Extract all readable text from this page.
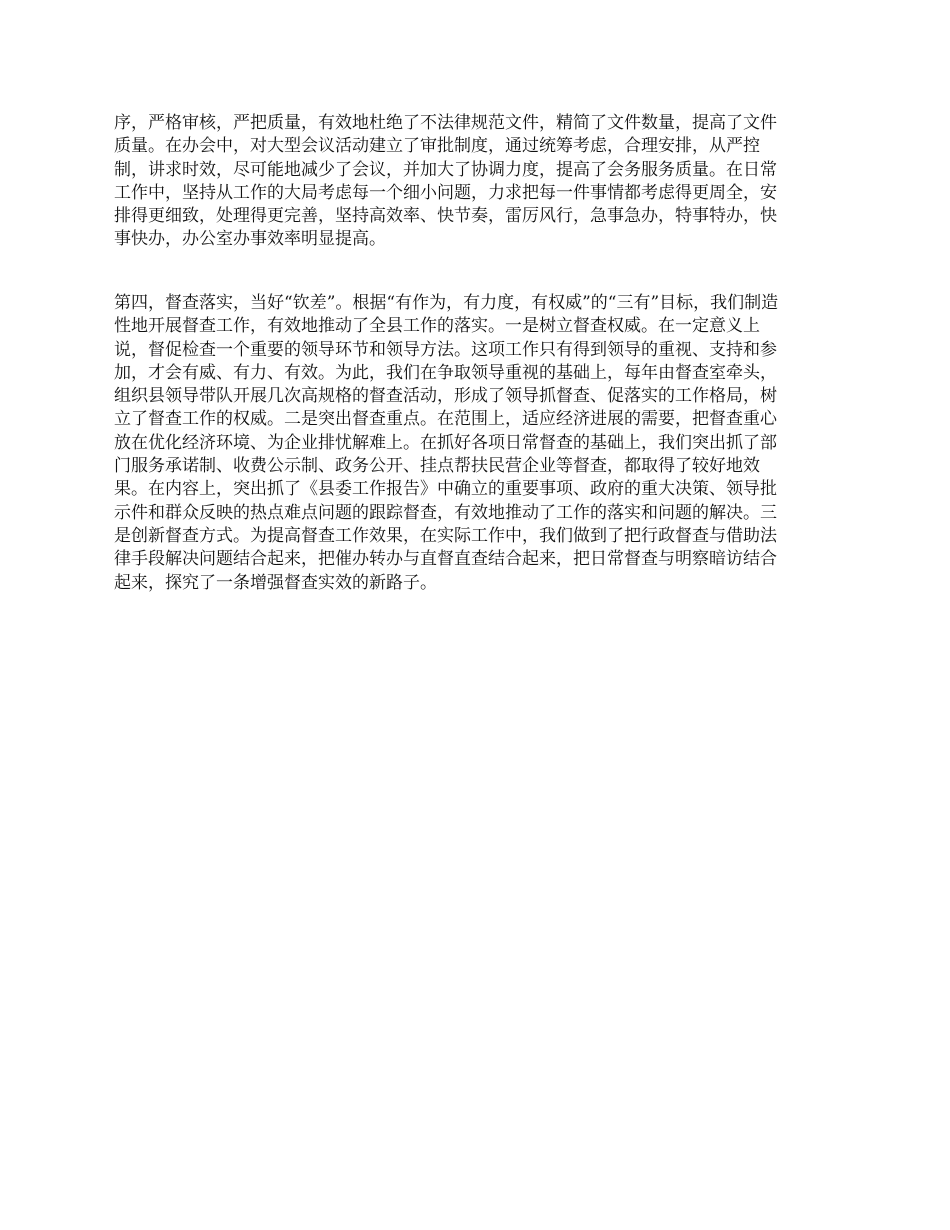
序，严格审核，严把质量，有效地杜绝了不法律规范文件，精简了文件数量，提高了文件
质量。在办会中，对大型会议活动建立了审批制度，通过统筹考虑，合理安排，从严控
制，讲求时效，尽可能地减少了会议，并加大了协调力度，提高了会务服务质量。在日常
工作中，坚持从工作的大局考虑每一个细小问题，力求把每一件事情都考虑得更周全，安
排得更细致，处理得更完善，坚持高效率、快节奏，雷厉风行，急事急办，特事特办，快
事快办，办公室办事效率明显提高。

第四，督查落实，当好“钦差”。根据“有作为，有力度，有权威”的“三有”目标，我们制造
性地开展督查工作，有效地推动了全县工作的落实。一是树立督查权威。在一定意义上
说，督促检查一个重要的领导环节和领导方法。这项工作只有得到领导的重视、支持和参
加，才会有威、有力、有效。为此，我们在争取领导重视的基础上，每年由督查室牵头，
组织县领导带队开展几次高规格的督查活动，形成了领导抓督查、促落实的工作格局，树
立了督查工作的权威。二是突出督查重点。在范围上，适应经济进展的需要，把督查重心
放在优化经济环境、为企业排忧解难上。在抓好各项日常督查的基础上，我们突出抓了部
门服务承诺制、收费公示制、政务公开、挂点帮扶民营企业等督查，都取得了较好地效
果。在内容上，突出抓了《县委工作报告》中确立的重要事项、政府的重大决策、领导批
示件和群众反映的热点难点问题的跟踪督查，有效地推动了工作的落实和问题的解决。三
是创新督查方式。为提高督查工作效果，在实际工作中，我们做到了把行政督查与借助法
律手段解决问题结合起来，把催办转办与直督直查结合起来，把日常督查与明察暗访结合
起来，探究了一条增强督查实效的新路子。
